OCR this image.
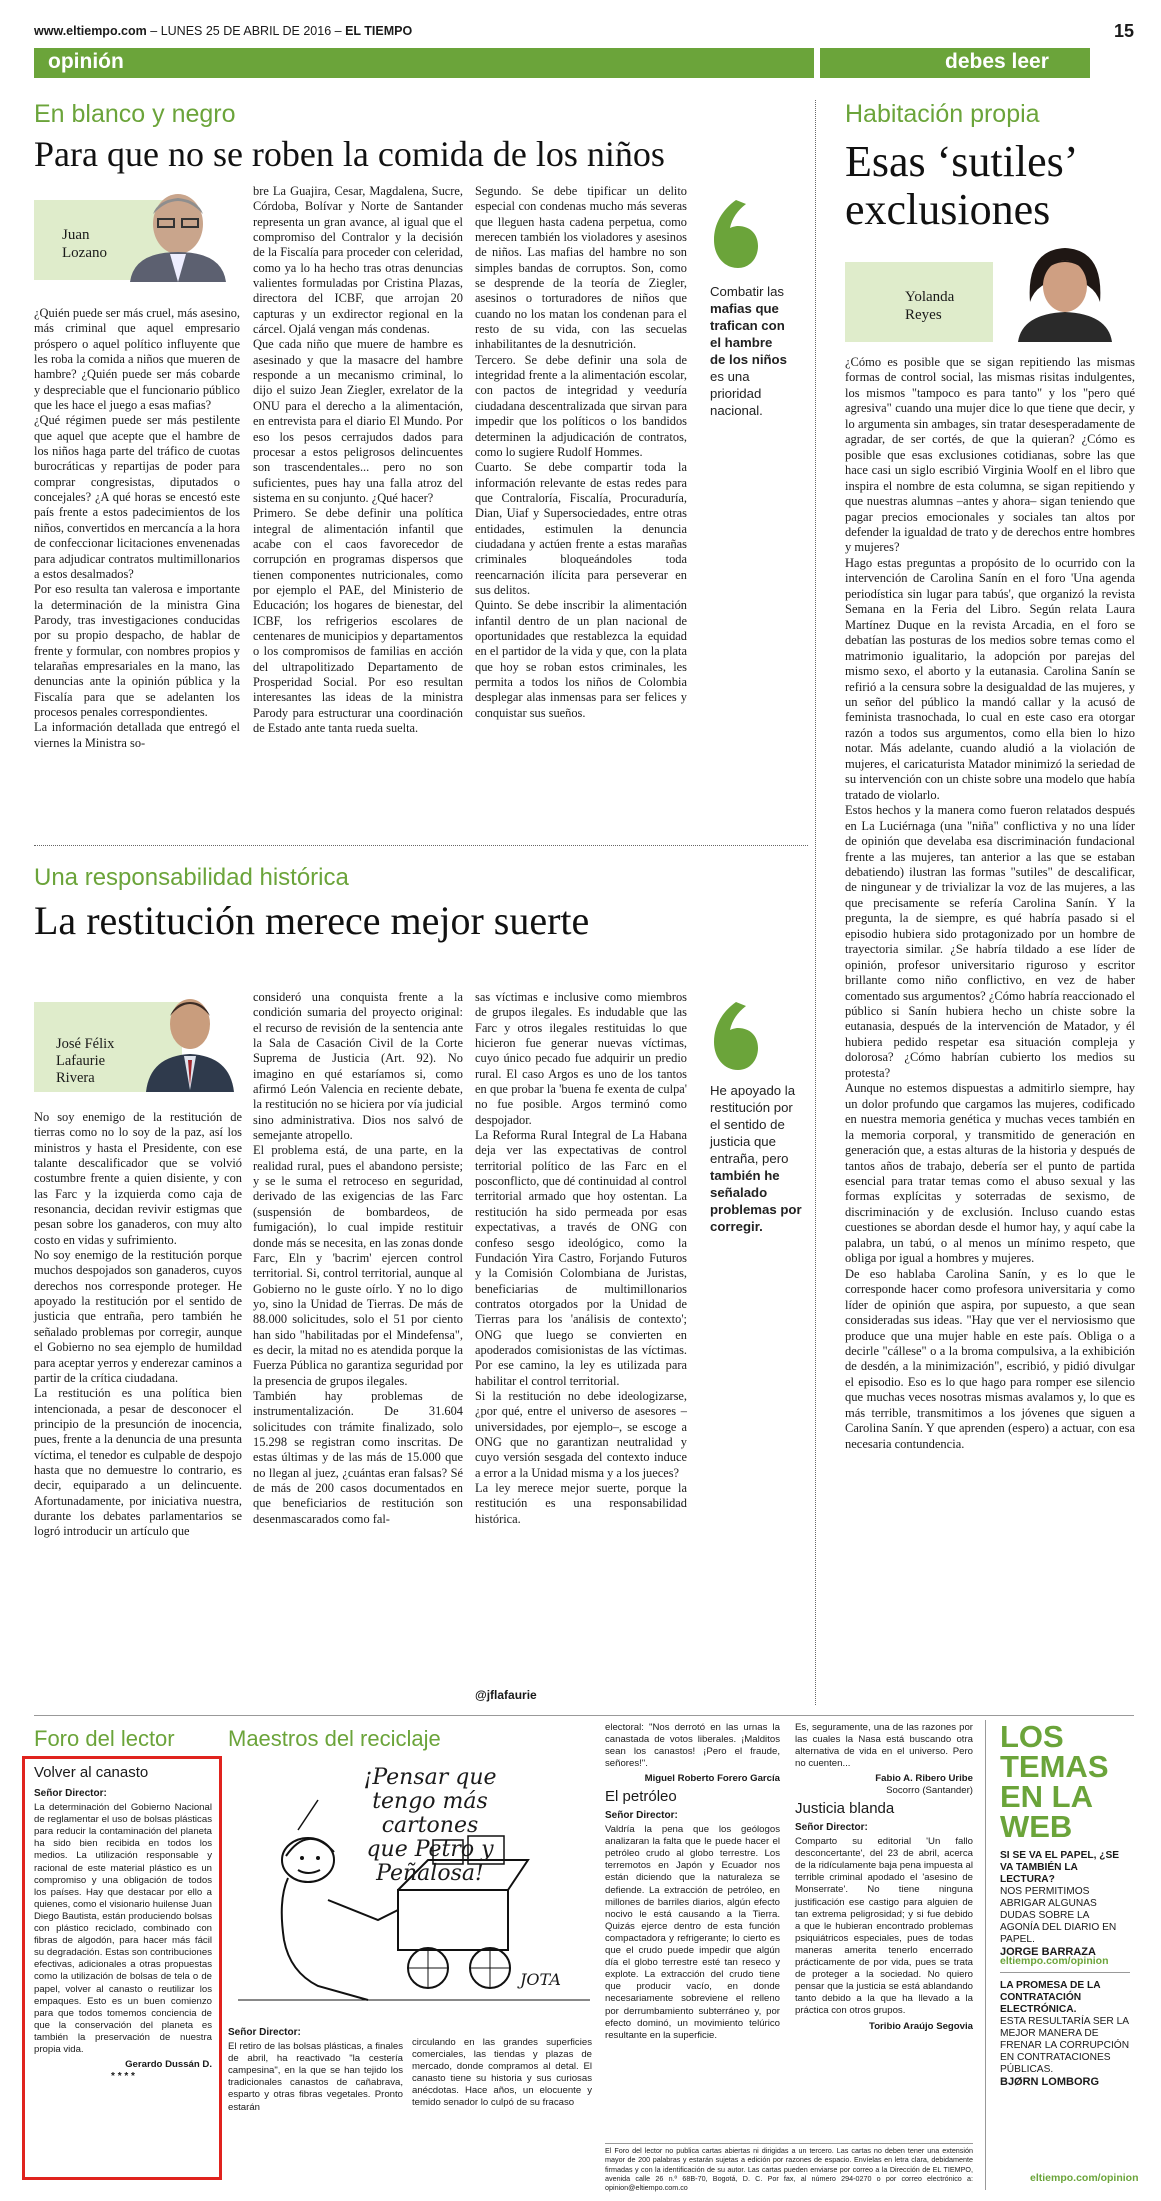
www.eltiempo.com – LUNES 25 DE ABRIL DE 2016 – EL TIEMPO	15
opinión	debes leer
En blanco y negro
Para que no se roben la comida de los niños
Juan
Lozano
¿Quién puede ser más cruel, más asesino, más criminal que aquel empresario próspero o aquel político influyente que les roba la comida a niños que mueren de hambre? ¿Quién puede ser más cobarde y despreciable que el funcionario público que les hace el juego a esas mafias?
¿Qué régimen puede ser más pestilente que aquel que acepte que el hambre de los niños haga parte del tráfico de cuotas burocráticas y repartijas de poder para comprar congresistas, diputados o concejales? ¿A qué horas se encestó este país frente a estos padecimientos de los niños, convertidos en mercancía a la hora de confeccionar licitaciones envenenadas para adjudicar contratos multimillonarios a estos desalmados?
Por eso resulta tan valerosa e importante la determinación de la ministra Gina Parody, tras investigaciones conducidas por su propio despacho, de hablar de frente y formular, con nombres propios y telarañas empresariales en la mano, las denuncias ante la opinión pública y la Fiscalía para que se adelanten los procesos penales correspondientes.
La información detallada que entregó el viernes la Ministra so-
bre La Guajira, Cesar, Magdalena, Sucre, Córdoba, Bolívar y Norte de Santander representa un gran avance, al igual que el compromiso del Contralor y la decisión de la Fiscalía para proceder con celeridad, como ya lo ha hecho tras otras denuncias valientes formuladas por Cristina Plazas, directora del ICBF, que arrojan 20 capturas y un exdirector regional en la cárcel. Ojalá vengan más condenas.
Que cada niño que muere de hambre es asesinado y que la masacre del hambre responde a un mecanismo criminal, lo dijo el suizo Jean Ziegler, exrelator de la ONU para el derecho a la alimentación, en entrevista para el diario El Mundo. Por eso los pesos cerrajudos dados para procesar a estos peligrosos delincuentes son trascendentales... pero no son suficientes, pues hay una falla atroz del sistema en su conjunto. ¿Qué hacer?
Primero. Se debe definir una política integral de alimentación infantil que acabe con el caos favorecedor de corrupción en programas dispersos que tienen componentes nutricionales, como por ejemplo el PAE, del Ministerio de Educación; los hogares de bienestar, del ICBF, los refrigerios escolares de centenares de municipios y departamentos o los compromisos de familias en acción del ultrapolitizado Departamento de Prosperidad Social. Por eso resultan interesantes las ideas de la ministra Parody para estructurar una coordinación de Estado ante tanta rueda suelta.
Segundo. Se debe tipificar un delito especial con condenas mucho más severas que lleguen hasta cadena perpetua, como merecen también los violadores y asesinos de niños. Las mafias del hambre no son simples bandas de corruptos. Son, como se desprende de la teoría de Ziegler, asesinos o torturadores de niños que cuando no los matan los condenan para el resto de su vida, con las secuelas inhabilitantes de la desnutrición.
Tercero. Se debe definir una sola de integridad frente a la alimentación escolar, con pactos de integridad y veeduría ciudadana descentralizada que sirvan para impedir que los políticos o los bandidos determinen la adjudicación de contratos, como lo sugiere Rudolf Hommes.
Cuarto. Se debe compartir toda la información relevante de estas redes para que Contraloría, Fiscalía, Procuraduría, Dian, Uiaf y Supersociedades, entre otras entidades, estimulen la denuncia ciudadana y actúen frente a estas marañas criminales bloqueándoles toda reencarnación ilícita para perseverar en sus delitos.
Quinto. Se debe inscribir la alimentación infantil dentro de un plan nacional de oportunidades que restablezca la equidad en el partidor de la vida y que, con la plata que hoy se roban estos criminales, les permita a todos los niños de Colombia desplegar alas inmensas para ser felices y conquistar sus sueños.
Combatir las
mafias que
trafican con
el hambre
de los niños
es una
prioridad
nacional.
Una responsabilidad histórica
La restitución merece mejor suerte
José Félix
Lafaurie
Rivera
No soy enemigo de la restitución de tierras como no lo soy de la paz, así los ministros y hasta el Presidente, con ese talante descalificador que se volvió costumbre frente a quien disiente, y con las Farc y la izquierda como caja de resonancia, decidan revivir estigmas que pesan sobre los ganaderos, con muy alto costo en vidas y sufrimiento.
No soy enemigo de la restitución porque muchos despojados son ganaderos, cuyos derechos nos corresponde proteger. He apoyado la restitución por el sentido de justicia que entraña, pero también he señalado problemas por corregir, aunque el Gobierno no sea ejemplo de humildad para aceptar yerros y enderezar caminos a partir de la crítica ciudadana.
La restitución es una política bien intencionada, a pesar de desconocer el principio de la presunción de inocencia, pues, frente a la denuncia de una presunta víctima, el tenedor es culpable de despojo hasta que no demuestre lo contrario, es decir, equiparado a un delincuente. Afortunadamente, por iniciativa nuestra, durante los debates parlamentarios se logró introducir un artículo que
consideró una conquista frente a la condición sumaria del proyecto original: el recurso de revisión de la sentencia ante la Sala de Casación Civil de la Corte Suprema de Justicia (Art. 92). No imagino en qué estaríamos si, como afirmó León Valencia en reciente debate, la restitución no se hiciera por vía judicial sino administrativa. Dios nos salvó de semejante atropello.
El problema está, de una parte, en la realidad rural, pues el abandono persiste; y se le suma el retroceso en seguridad, derivado de las exigencias de las Farc (suspensión de bombardeos, de fumigación), lo cual impide restituir donde más se necesita, en las zonas donde Farc, Eln y 'bacrim' ejercen control territorial. Si, control territorial, aunque al Gobierno no le guste oírlo. Y no lo digo yo, sino la Unidad de Tierras. De más de 88.000 solicitudes, solo el 51 por ciento han sido "habilitadas por el Mindefensa", es decir, la mitad no es atendida porque la Fuerza Pública no garantiza seguridad por la presencia de grupos ilegales.
También hay problemas de instrumentalización. De 31.604 solicitudes con trámite finalizado, solo 15.298 se registran como inscritas. De estas últimas y de las más de 15.000 que no llegan al juez, ¿cuántas eran falsas? Sé de más de 200 casos documentados en que beneficiarios de restitución son desenmascarados como fal-
sas víctimas e inclusive como miembros de grupos ilegales. Es indudable que las Farc y otros ilegales restituidas lo que hicieron fue generar nuevas víctimas, cuyo único pecado fue adquirir un predio rural. El caso Argos es uno de los tantos en que probar la 'buena fe exenta de culpa' no fue posible. Argos terminó como despojador.
La Reforma Rural Integral de La Habana deja ver las expectativas de control territorial político de las Farc en el posconflicto, que dé continuidad al control territorial armado que hoy ostentan. La restitución ha sido permeada por esas expectativas, a través de ONG con confeso sesgo ideológico, como la Fundación Yira Castro, Forjando Futuros y la Comisión Colombiana de Juristas, beneficiarias de multimillonarios contratos otorgados por la Unidad de Tierras para los 'análisis de contexto'; ONG que luego se convierten en apoderados comisionistas de las víctimas. Por ese camino, la ley es utilizada para habilitar el control territorial.
Si la restitución no debe ideologizarse, ¿por qué, entre el universo de asesores –universidades, por ejemplo–, se escoge a ONG que no garantizan neutralidad y cuyo versión sesgada del contexto induce a error a la Unidad misma y a los jueces?
La ley merece mejor suerte, porque la restitución es una responsabilidad histórica.
@jflafaurie
He apoyado la
restitución por
el sentido de
justicia que
entraña, pero
también he
señalado
problemas por
corregir.
Habitación propia
Esas ‘sutiles’
exclusiones
Yolanda
Reyes
¿Cómo es posible que se sigan repitiendo las mismas formas de control social, las mismas risitas indulgentes, los mismos "tampoco es para tanto" y los "pero qué agresiva" cuando una mujer dice lo que tiene que decir, y lo argumenta sin ambages, sin tratar desesperadamente de agradar, de ser cortés, de que la quieran? ¿Cómo es posible que esas exclusiones cotidianas, sobre las que hace casi un siglo escribió Virginia Woolf en el libro que inspira el nombre de esta columna, se sigan repitiendo y que nuestras alumnas –antes y ahora– sigan teniendo que pagar precios emocionales y sociales tan altos por defender la igualdad de trato y de derechos entre hombres y mujeres?
Hago estas preguntas a propósito de lo ocurrido con la intervención de Carolina Sanín en el foro 'Una agenda periodística sin lugar para tabús', que organizó la revista Semana en la Feria del Libro. Según relata Laura Martínez Duque en la revista Arcadia, en el foro se debatían las posturas de los medios sobre temas como el matrimonio igualitario, la adopción por parejas del mismo sexo, el aborto y la eutanasia. Carolina Sanín se refirió a la censura sobre la desigualdad de las mujeres, y un señor del público la mandó callar y la acusó de feminista trasnochada, lo cual en este caso era otorgar razón a todos sus argumentos, como ella bien lo hizo notar. Más adelante, cuando aludió a la violación de mujeres, el caricaturista Matador minimizó la seriedad de su intervención con un chiste sobre una modelo que había tratado de violarlo.
Estos hechos y la manera como fueron relatados después en La Luciérnaga (una "niña" conflictiva y no una líder de opinión que develaba esa discriminación fundacional frente a las mujeres, tan anterior a las que se estaban debatiendo) ilustran las formas "sutiles" de descalificar, de ningunear y de trivializar la voz de las mujeres, a las que precisamente se refería Carolina Sanín. Y la pregunta, la de siempre, es qué habría pasado si el episodio hubiera sido protagonizado por un hombre de trayectoria similar. ¿Se habría tildado a ese líder de opinión, profesor universitario riguroso y escritor brillante como niño conflictivo, en vez de haber comentado sus argumentos? ¿Cómo habría reaccionado el público si Sanín hubiera hecho un chiste sobre la eutanasia, después de la intervención de Matador, y él hubiera pedido respetar esa situación compleja y dolorosa? ¿Cómo habrían cubierto los medios su protesta?
Aunque no estemos dispuestas a admitirlo siempre, hay un dolor profundo que cargamos las mujeres, codificado en nuestra memoria genética y muchas veces también en la memoria corporal, y transmitido de generación en generación que, a estas alturas de la historia y después de tantos años de trabajo, debería ser el punto de partida esencial para tratar temas como el abuso sexual y las formas explícitas y soterradas de sexismo, de discriminación y de exclusión. Incluso cuando estas cuestiones se abordan desde el humor hay, y aquí cabe la palabra, un tabú, o al menos un mínimo respeto, que obliga por igual a hombres y mujeres.
De eso hablaba Carolina Sanín, y es lo que le corresponde hacer como profesora universitaria y como líder de opinión que aspira, por supuesto, a que sean consideradas sus ideas. "Hay que ver el nerviosismo que produce que una mujer hable en este país. Obliga o a decirle "cállese" o a la broma compulsiva, a la exhibición de desdén, a la minimización", escribió, y pidió divulgar el episodio. Eso es lo que hago para romper ese silencio que muchas veces nosotras mismas avalamos y, lo que es más terrible, transmitimos a los jóvenes que siguen a Carolina Sanín. Y que aprenden (espero) a actuar, con esa necesaria contundencia.
Foro del lector
Volver al canasto
Señor Director:
La determinación del Gobierno Nacional de reglamentar el uso de bolsas plásticas para reducir la contaminación del planeta ha sido bien recibida en todos los medios. La utilización responsable y racional de este material plástico es un compromiso y una obligación de todos los países. Hay que destacar por ello a quienes, como el visionario huilense Juan Diego Bautista, están produciendo bolsas con plástico reciclado, combinado con fibras de algodón, para hacer más fácil su degradación. Estas son contribuciones efectivas, adicionales a otras propuestas como la utilización de bolsas de tela o de papel, volver al canasto o reutilizar los empaques. Esto es un buen comienzo para que todos tomemos conciencia de que la conservación del planeta es también la preservación de nuestra propia vida.
Gerardo Dussán D.
* * * *
Maestros del reciclaje
¡Pensar que
tengo más cartones
que Petro y
Peñalosa!
JOTA
Señor Director:
El retiro de las bolsas plásticas, a finales de abril, ha reactivado "la cestería campesina", en la que se han tejido los tradicionales canastos de cañabrava, esparto y otras fibras vegetales. Pronto estarán
circulando en las grandes superficies comerciales, las tiendas y plazas de mercado, donde compramos al detal. El canasto tiene su historia y sus curiosas anécdotas. Hace años, un elocuente y temido senador lo culpó de su fracaso
electoral: "Nos derrotó en las urnas la canastada de votos liberales. ¡Malditos sean los canastos! ¡Pero el fraude, señores!".
Miguel Roberto Forero García
El petróleo
Señor Director:
Valdría la pena que los geólogos analizaran la falta que le puede hacer el petróleo crudo al globo terrestre. Los terremotos en Japón y Ecuador nos están diciendo que la naturaleza se defiende. La extracción de petróleo, en millones de barriles diarios, algún efecto nocivo le está causando a la Tierra. Quizás ejerce dentro de esta función compactadora y refrigerante; lo cierto es que el crudo puede impedir que algún día el globo terrestre esté tan reseco y explote. La extracción del crudo tiene que producir vacío, en donde necesariamente sobreviene el relleno por derrumbamiento subterráneo y, por efecto dominó, un movimiento telúrico resultante en la superficie.
Es, seguramente, una de las razones por las cuales la Nasa está buscando otra alternativa de vida en el universo. Pero no cuenten...
Fabio A. Ribero Uribe
Socorro (Santander)
Justicia blanda
Señor Director:
Comparto su editorial 'Un fallo desconcertante', del 23 de abril, acerca de la ridículamente baja pena impuesta al terrible criminal apodado el 'asesino de Monserrate'. No tiene ninguna justificación ese castigo para alguien de tan extrema peligrosidad; y si fue debido a que le hubieran encontrado problemas psiquiátricos especiales, pues de todas maneras amerita tenerlo encerrado prácticamente de por vida, pues se trata de proteger a la sociedad. No quiero pensar que la justicia se está ablandando tanto debido a la que ha llevado a la práctica con otros grupos.
Toribio Araújo Segovia
El Foro del lector no publica cartas abiertas ni dirigidas a un tercero. Las cartas no deben tener una extensión mayor de 200 palabras y estarán sujetas a edición por razones de espacio. Envíelas en letra clara, debidamente firmadas y con la identificación de su autor. Las cartas pueden enviarse por correo a la Dirección de EL TIEMPO, avenida calle 26 n.º 68B-70, Bogotá, D. C. Por fax, al número 294-0270 o por correo electrónico a: opinion@eltiempo.com.co
LOS
TEMAS
EN LA
WEB
SI SE VA EL PAPEL, ¿SE VA TAMBIÉN LA LECTURA?
NOS PERMITIMOS ABRIGAR ALGUNAS DUDAS SOBRE LA AGONÍA DEL DIARIO EN PAPEL.
JORGE BARRAZA
eltiempo.com/opinion
LA PROMESA DE LA CONTRATACIÓN ELECTRÓNICA.
ESTA RESULTARÍA SER LA MEJOR MANERA DE FRENAR LA CORRUPCIÓN EN CONTRATACIONES PÚBLICAS.
BJØRN LOMBORG
eltiempo.com/opinion
